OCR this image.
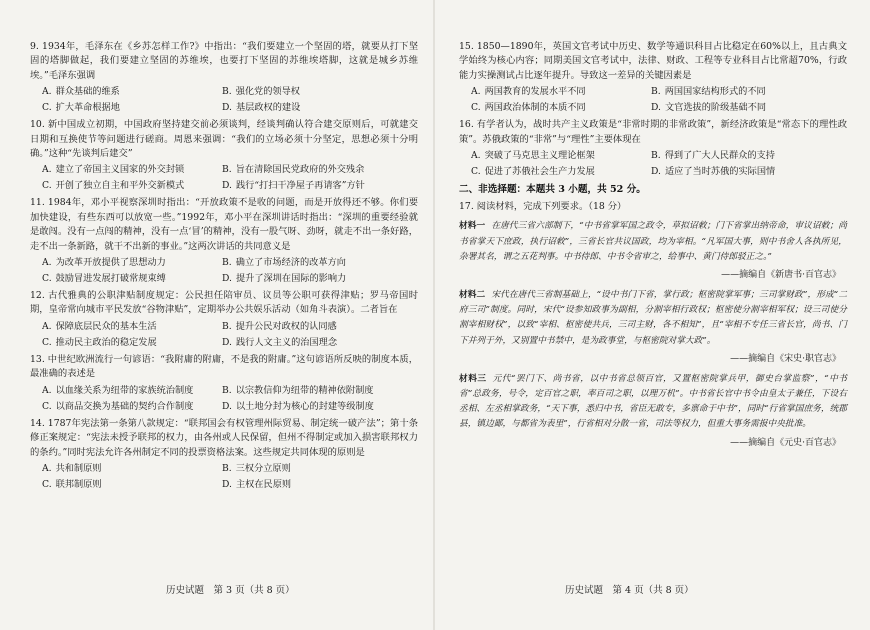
9. 1934年，毛泽东在《乡苏怎样工作?》中指出：“我们要建立一个坚固的塔，就要从打下坚固的塔脚做起，我们要建立坚固的苏维埃，也要打下坚固的苏维埃塔脚，这就是城乡苏维埃。”毛泽东强调
A. 群众基础的维系	B. 强化党的领导权
C. 扩大革命根据地	D. 基层政权的建设
10. 新中国成立初期，中国政府坚持建交前必须谈判，经谈判确认符合建交原则后，可就建交日期和互换使节等问题进行磋商。周恩来强调：“我们的立场必须十分坚定，思想必须十分明确。”这种“先谈判后建交”
A. 建立了帝国主义国家的外交封锁	B. 旨在清除国民党政府的外交残余
C. 开创了独立自主和平外交新模式	D. 践行“打扫干净屋子再请客”方针
11. 1984年，邓小平视察深圳时指出：“开放政策不是收的问题，而是开放得还不够。你们要加快建设，有些东西可以放宽一些。”1992年，邓小平在深圳讲话时指出：“深圳的重要经验就是敢闯。没有一点闯的精神，没有一点‘冒’的精神，没有一股气呀、劲呀，就走不出一条好路，走不出一条新路，就干不出新的事业。”这两次讲话的共同意义是
A. 为改革开放提供了思想动力	B. 确立了市场经济的改革方向
C. 鼓励冒进发展打破常规束缚	D. 提升了深圳在国际的影响力
12. 古代雅典的公职津贴制度规定：公民担任陪审员、议员等公职可获得津贴；罗马帝国时期，皇帝常向城市平民发放“谷物津贴”，定期举办公共娱乐活动（如角斗表演）。二者旨在
A. 保障底层民众的基本生活	B. 提升公民对政权的认同感
C. 推动民主政治的稳定发展	D. 践行人文主义的治国理念
13. 中世纪欧洲流行一句谚语：“我附庸的附庸，不是我的附庸。”这句谚语所反映的制度本质，最准确的表述是
A. 以血缘关系为纽带的家族统治制度	B. 以宗教信仰为纽带的精神依附制度
C. 以商品交换为基础的契约合作制度	D. 以土地分封为核心的封建等级制度
14. 1787年宪法第一条第八款规定：“联邦国会有权管理州际贸易、制定统一破产法”；第十条修正案规定：“宪法未授予联邦的权力，由各州或人民保留，但州不得制定或加入损害联邦权力的条约。”同时宪法允许各州制定不同的投票资格法案。这些规定共同体现的原则是
A. 共和制原则	B. 三权分立原则
C. 联邦制原则	D. 主权在民原则
历史试题　第 3 页（共 8 页）
15. 1850—1890年，英国文官考试中历史、数学等通识科目占比稳定在60%以上，且古典文学始终为核心内容；同期美国文官考试中，法律、财政、工程等专业科目占比常超70%，行政能力实操测试占比逐年提升。导致这一差异的关键因素是
A. 两国教育的发展水平不同	B. 两国国家结构形式的不同
C. 两国政治体制的本质不同	D. 文官选拔的阶级基础不同
16. 有学者认为，战时共产主义政策是“非常时期的非常政策”，新经济政策是“常态下的理性政策”。苏俄政策的“非常”与“理性”主要体现在
A. 突破了马克思主义理论框架	B. 得到了广大人民群众的支持
C. 促进了苏俄社会生产力发展	D. 适应了当时苏俄的实际国情
二、非选择题：本题共 3 小题，共 52 分。
17. 阅读材料，完成下列要求。（18 分）
材料一 在唐代三省六部制下，“中书省掌军国之政令，草拟诏敕；门下省掌出纳帝命，审议诏敕；尚书省掌天下庶政，执行诏敕”，三省长官共议国政，均为宰相。“凡军国大事，则中书舍人各执所见，杂署其名，谓之五花判事。中书侍郎、中书令省审之，给事中、黄门侍郎驳正之。”
——摘编自《新唐书·百官志》
材料二 宋代在唐代三省制基础上，“设中书门下省，掌行政；枢密院掌军事；三司掌财政”，形成“二府三司”制度。同时，宋代“设参知政事为副相，分割宰相行政权；枢密使分割宰相军权；设三司使分割宰相财权”，以致“宰相、枢密使共兵，三司主财，各不相知”，且“宰相不专任三省长官，尚书、门下并列于外，又别置中书禁中，是为政事堂，与枢密院对掌大政”。
——摘编自《宋史·职官志》
材料三 元代“罢门下、尚书省，以中书省总领百官，又置枢密院掌兵甲，御史台掌监察”，“中书省”总政务，号令，定百官之职，率百司之职，以理万机”。中书省长官中书令由皇太子兼任，下设右丞相、左丞相掌政务，“天下事，悉归中书，省臣无敢专，多禀命于中书”，同时“行省掌国庶务，统郡县，镇边鄙，与都省为表里”，行省相对分散一省，司法等权力，但重大事务需报中央批准。
——摘编自《元史·百官志》
历史试题　第 4 页（共 8 页）
